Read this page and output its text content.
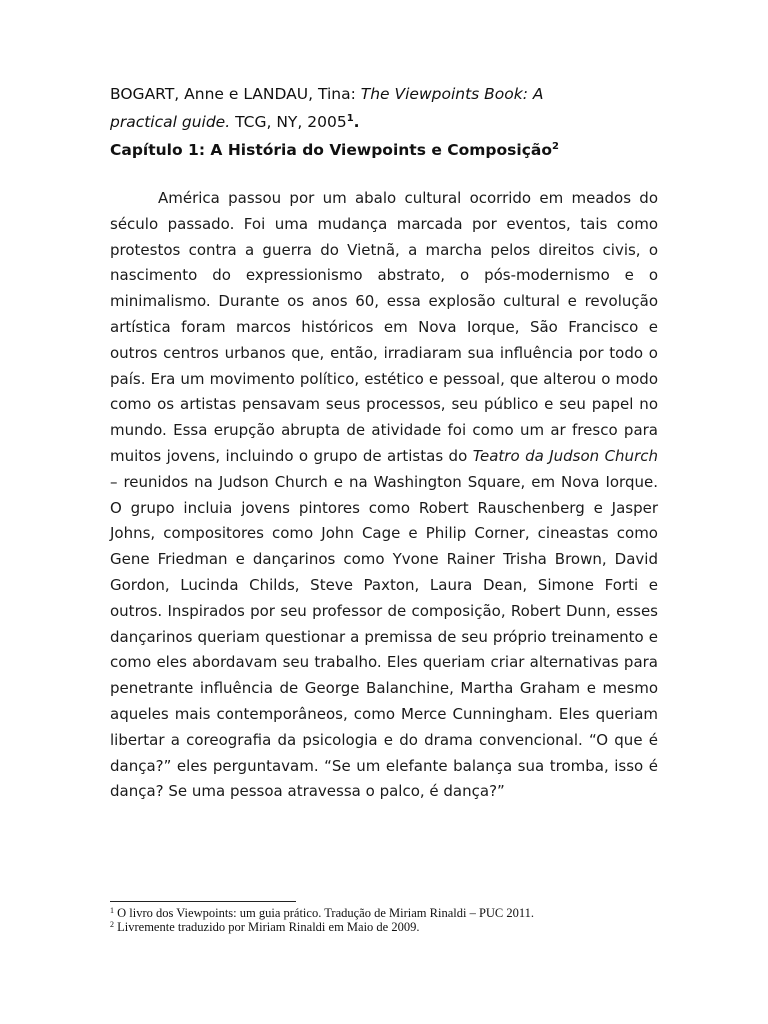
BOGART, Anne e LANDAU, Tina: The Viewpoints Book: A
practical guide. TCG, NY, 2005$^1$.
Capítulo 1: A História do Viewpoints e Composição$^2$
América passou por um abalo cultural ocorrido em meados do século passado. Foi uma mudança marcada por eventos, tais como protestos contra a guerra do Vietnã, a marcha pelos direitos civis, o nascimento do expressionismo abstrato, o pós-modernismo e o minimalismo. Durante os anos 60, essa explosão cultural e revolução artística foram marcos históricos em Nova Iorque, São Francisco e outros centros urbanos que, então, irradiaram sua influência por todo o país. Era um movimento político, estético e pessoal, que alterou o modo como os artistas pensavam seus processos, seu público e seu papel no mundo. Essa erupção abrupta de atividade foi como um ar fresco para muitos jovens, incluindo o grupo de artistas do Teatro da Judson Church – reunidos na Judson Church e na Washington Square, em Nova Iorque. O grupo incluia jovens pintores como Robert Rauschenberg e Jasper Johns, compositores como John Cage e Philip Corner, cineastas como Gene Friedman e dançarinos como Yvone Rainer Trisha Brown, David Gordon, Lucinda Childs, Steve Paxton, Laura Dean, Simone Forti e outros. Inspirados por seu professor de composição, Robert Dunn, esses dançarinos queriam questionar a premissa de seu próprio treinamento e como eles abordavam seu trabalho. Eles queriam criar alternativas para penetrante influência de George Balanchine, Martha Graham e mesmo aqueles mais contemporâneos, como Merce Cunningham. Eles queriam libertar a coreografia da psicologia e do drama convencional. “O que é dança?” eles perguntavam. “Se um elefante balança sua tromba, isso é dança? Se uma pessoa atravessa o palco, é dança?”
$^1$ O livro dos Viewpoints: um guia prático. Tradução de Miriam Rinaldi – PUC 2011.
$^2$ Livremente traduzido por Miriam Rinaldi em Maio de 2009.
